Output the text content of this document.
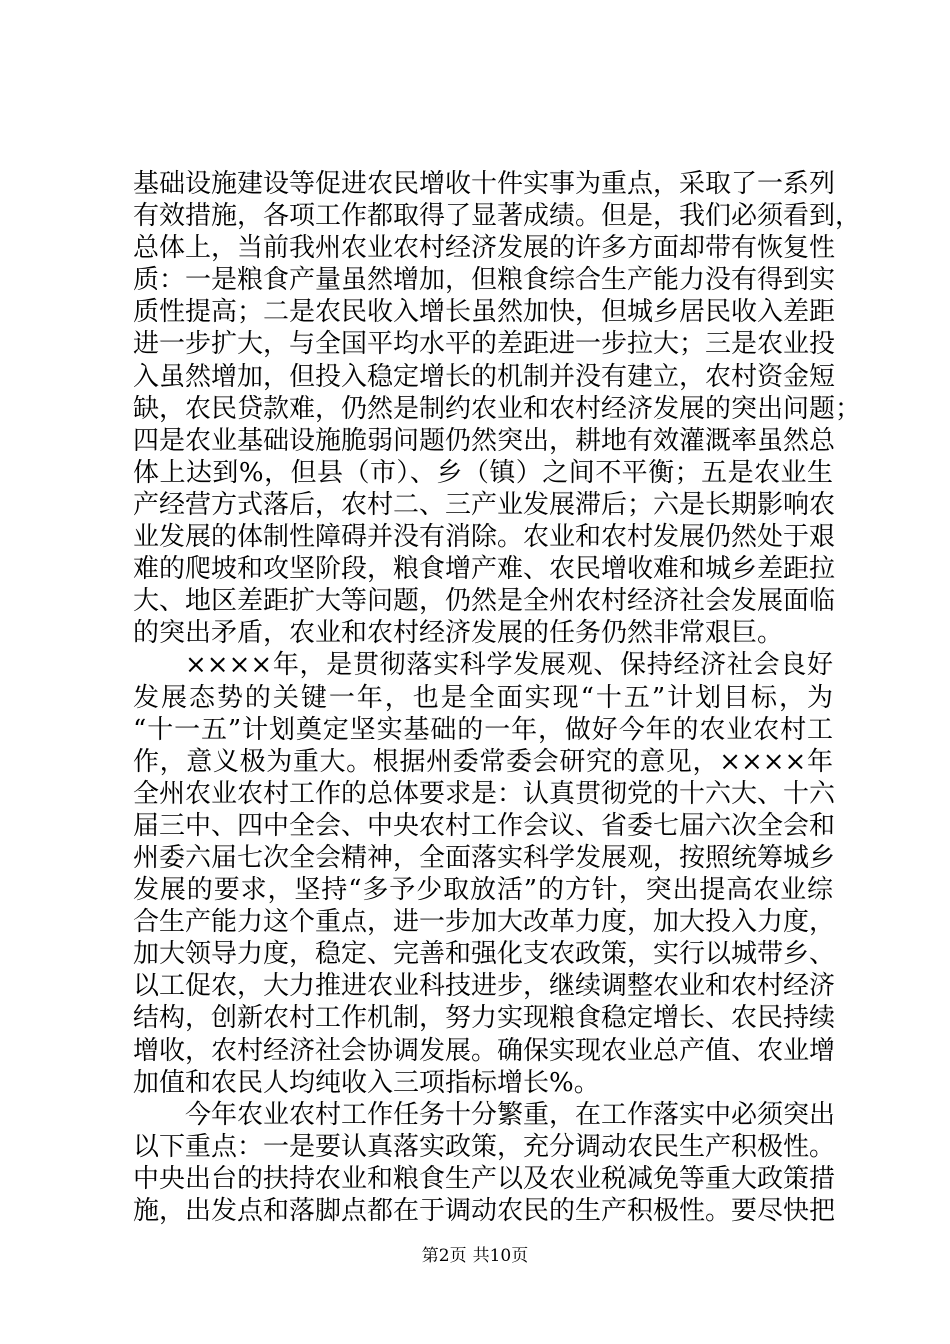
基础设施建设等促进农民增收十件实事为重点，采取了一系列
有效措施，各项工作都取得了显著成绩。但是，我们必须看到，
总体上，当前我州农业农村经济发展的许多方面却带有恢复性
质：一是粮食产量虽然增加，但粮食综合生产能力没有得到实
质性提高；二是农民收入增长虽然加快，但城乡居民收入差距
进一步扩大，与全国平均水平的差距进一步拉大；三是农业投
入虽然增加，但投入稳定增长的机制并没有建立，农村资金短
缺，农民贷款难，仍然是制约农业和农村经济发展的突出问题；
四是农业基础设施脆弱问题仍然突出，耕地有效灌溉率虽然总
体上达到%，但县（市）、乡（镇）之间不平衡；五是农业生
产经营方式落后，农村二、三产业发展滞后；六是长期影响农
业发展的体制性障碍并没有消除。农业和农村发展仍然处于艰
难的爬坡和攻坚阶段，粮食增产难、农民增收难和城乡差距拉
大、地区差距扩大等问题，仍然是全州农村经济社会发展面临
的突出矛盾，农业和农村经济发展的任务仍然非常艰巨。
××××年，是贯彻落实科学发展观、保持经济社会良好
发展态势的关键一年，也是全面实现“十五”计划目标，为
“十一五”计划奠定坚实基础的一年，做好今年的农业农村工
作，意义极为重大。根据州委常委会研究的意见，××××年
全州农业农村工作的总体要求是：认真贯彻党的十六大、十六
届三中、四中全会、中央农村工作会议、省委七届六次全会和
州委六届七次全会精神，全面落实科学发展观，按照统筹城乡
发展的要求，坚持“多予少取放活”的方针，突出提高农业综
合生产能力这个重点，进一步加大改革力度，加大投入力度，
加大领导力度，稳定、完善和强化支农政策，实行以城带乡、
以工促农，大力推进农业科技进步，继续调整农业和农村经济
结构，创新农村工作机制，努力实现粮食稳定增长、农民持续
增收，农村经济社会协调发展。确保实现农业总产值、农业增
加值和农民人均纯收入三项指标增长%。
今年农业农村工作任务十分繁重，在工作落实中必须突出
以下重点：一是要认真落实政策，充分调动农民生产积极性。
中央出台的扶持农业和粮食生产以及农业税减免等重大政策措
施，出发点和落脚点都在于调动农民的生产积极性。要尽快把
第2页 共10页
